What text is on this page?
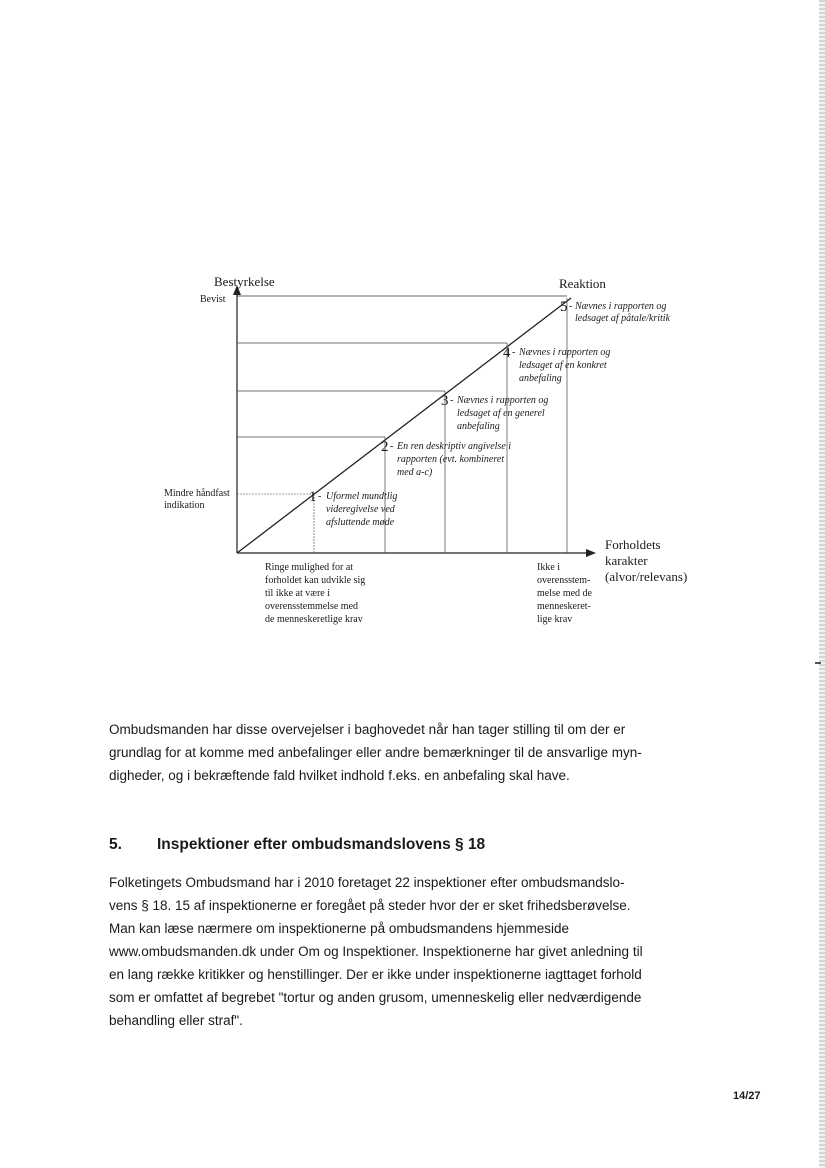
Bestyrkelse
Bevist
Mindre håndfast
indikation
Reaktion
Forholdets
karakter
(alvor/relevans)
Ringe mulighed for at
forholdet kan udvikle sig
til ikke at være i
overensstemmelse med
de menneskeretlige krav
Ikke i
overensstem-
melse med de
menneskeret-
lige krav
1 - Uformel mundtlig
videregivelse ved
afsluttende møde
2 - En ren deskriptiv angivelse i
rapporten (evt. kombineret
med a-c)
3 - Nævnes i rapporten og
ledsaget af en generel
anbefaling
4 - Nævnes i rapporten og
ledsaget af en konkret
anbefaling
5 - Nævnes i rapporten og
ledsaget af påtale/kritik

Ombudsmanden har disse overvejelser i baghovedet når han tager stilling til om der er
grundlag for at komme med anbefalinger eller andre bemærkninger til de ansvarlige myn-
digheder, og i bekræftende fald hvilket indhold f.eks. en anbefaling skal have.

5. Inspektioner efter ombudsmandslovens § 18

Folketingets Ombudsmand har i 2010 foretaget 22 inspektioner efter ombudsmandslo-
vens § 18. 15 af inspektionerne er foregået på steder hvor der er sket frihedsberøvelse.
Man kan læse nærmere om inspektionerne på ombudsmandens hjemmeside
www.ombudsmanden.dk under Om og Inspektioner. Inspektionerne har givet anledning til
en lang række kritikker og henstillinger. Der er ikke under inspektionerne iagttaget forhold
som er omfattet af begrebet "tortur og anden grusom, umenneskelig eller nedværdigende
behandling eller straf".

14/27
